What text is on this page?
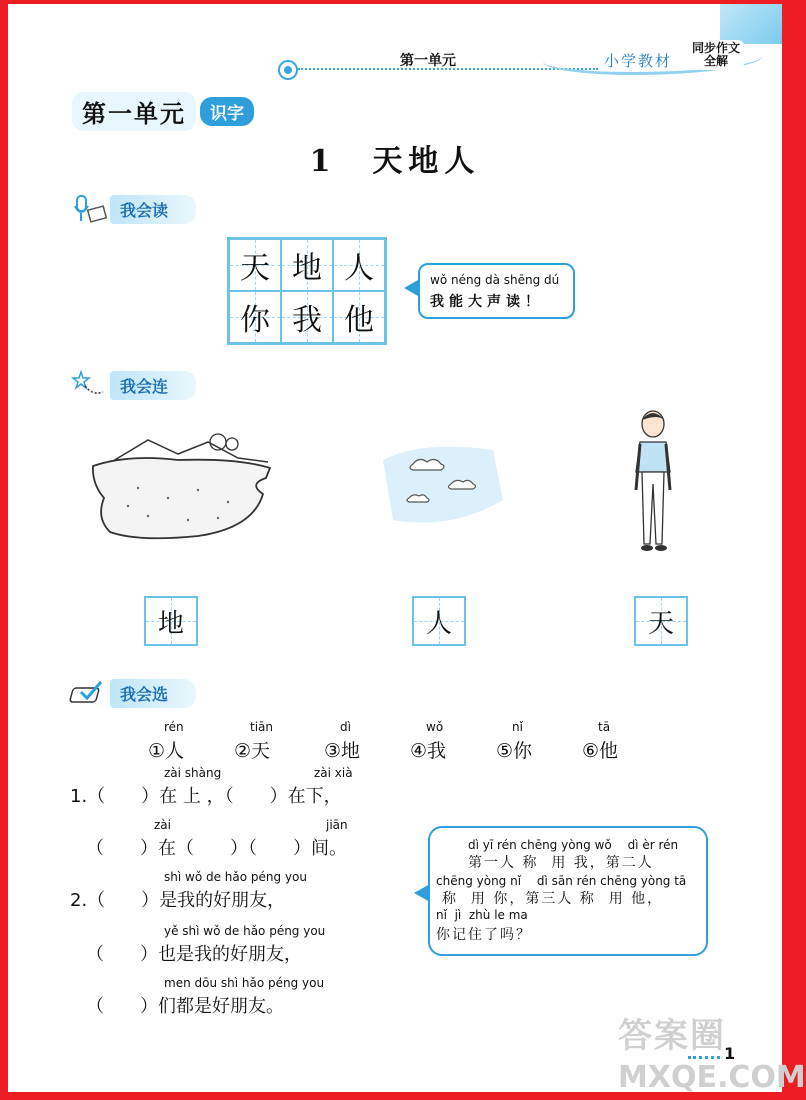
第一单元	小学教材
同步作文
全解
第一单元	识字
1　天地人
我会读
天 地 人
你 我 他
wǒ néng dà shēng dú
我能大声读！
我会连
地	人	天
我会选
rén
①人
tiān
②天
dì
③地
wǒ
④我
nǐ
⑤你
tā
⑥他
zài shàng	zài xià
1.（　　）在 上 ，（　　）在下，
zài	jiān
（　　）在（　　）（　　）间。
shì wǒ de hǎo péng you
2.（　　）是我的好朋友，
yě shì wǒ de hǎo péng you
（　　）也是我的好朋友，
men dōu shì hǎo péng you
（　　）们都是好朋友。
dì yī rén chēng yòng wǒ　 dì èr rén
第一人 称  用 我，第二人
chēng yòng nǐ　 dì sān rén chēng yòng tā
称  用 你，第三人 称  用 他，
nǐ  jì  zhù le ma
你记住了吗？
答案圈
MXQE.COM
1
